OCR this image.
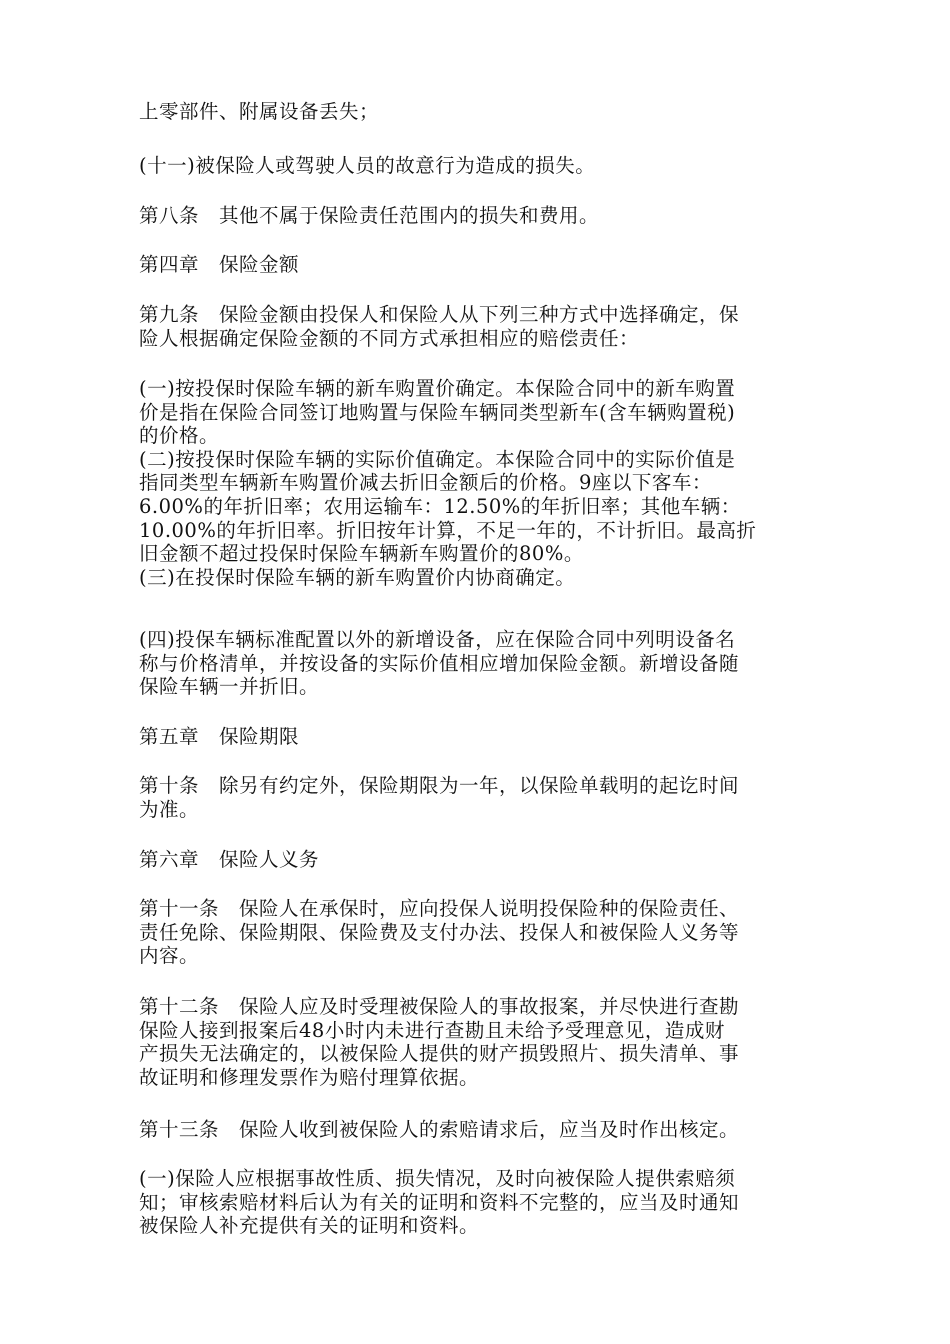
上零部件、附属设备丢失；

(十一)被保险人或驾驶人员的故意行为造成的损失。

第八条　其他不属于保险责任范围内的损失和费用。

第四章　保险金额

第九条　保险金额由投保人和保险人从下列三种方式中选择确定，保
险人根据确定保险金额的不同方式承担相应的赔偿责任：

(一)按投保时保险车辆的新车购置价确定。本保险合同中的新车购置
价是指在保险合同签订地购置与保险车辆同类型新车(含车辆购置税)
的价格。
(二)按投保时保险车辆的实际价值确定。本保险合同中的实际价值是
指同类型车辆新车购置价减去折旧金额后的价格。9座以下客车：
6.00%的年折旧率；农用运输车：12.50%的年折旧率；其他车辆：
10.00%的年折旧率。折旧按年计算，不足一年的，不计折旧。最高折
旧金额不超过投保时保险车辆新车购置价的80%。
(三)在投保时保险车辆的新车购置价内协商确定。

(四)投保车辆标准配置以外的新增设备，应在保险合同中列明设备名
称与价格清单，并按设备的实际价值相应增加保险金额。新增设备随
保险车辆一并折旧。

第五章　保险期限

第十条　除另有约定外，保险期限为一年，以保险单载明的起讫时间
为准。

第六章　保险人义务

第十一条　保险人在承保时，应向投保人说明投保险种的保险责任、
责任免除、保险期限、保险费及支付办法、投保人和被保险人义务等
内容。

第十二条　保险人应及时受理被保险人的事故报案，并尽快进行查勘
保险人接到报案后48小时内未进行查勘且未给予受理意见，造成财
产损失无法确定的，以被保险人提供的财产损毁照片、损失清单、事
故证明和修理发票作为赔付理算依据。

第十三条　保险人收到被保险人的索赔请求后，应当及时作出核定。

(一)保险人应根据事故性质、损失情况，及时向被保险人提供索赔须
知；审核索赔材料后认为有关的证明和资料不完整的，应当及时通知
被保险人补充提供有关的证明和资料。
